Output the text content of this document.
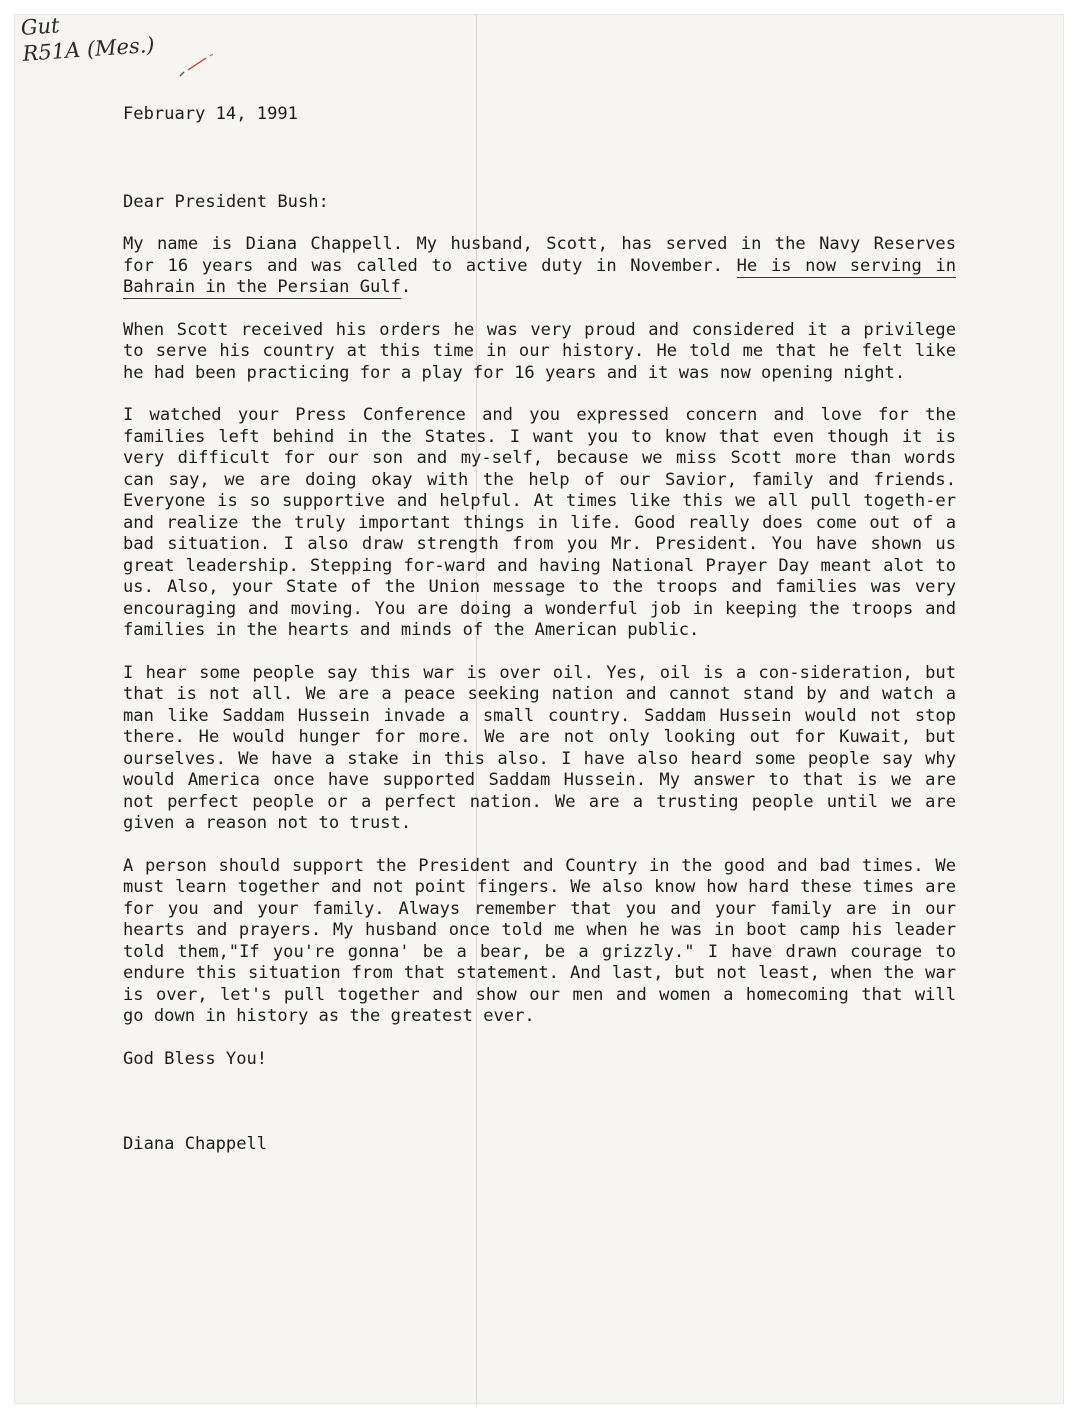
Gut
R51A (Mes.)

February 14, 1991

Dear President Bush:

My name is Diana Chappell. My husband, Scott, has served in the Navy Reserves for 16 years and was called to active duty in November. He is now serving in Bahrain in the Persian Gulf.

When Scott received his orders he was very proud and considered it a privilege to serve his country at this time in our history. He told me that he felt like he had been practicing for a play for 16 years and it was now opening night.

I watched your Press Conference and you expressed concern and love for the families left behind in the States. I want you to know that even though it is very difficult for our son and my-self, because we miss Scott more than words can say, we are doing okay with the help of our Savior, family and friends. Everyone is so supportive and helpful. At times like this we all pull togeth-er and realize the truly important things in life. Good really does come out of a bad situation. I also draw strength from you Mr. President. You have shown us great leadership. Stepping for-ward and having National Prayer Day meant alot to us. Also, your State of the Union message to the troops and families was very encouraging and moving. You are doing a wonderful job in keeping the troops and families in the hearts and minds of the American public.

I hear some people say this war is over oil. Yes, oil is a con-sideration, but that is not all. We are a peace seeking nation and cannot stand by and watch a man like Saddam Hussein invade a small country. Saddam Hussein would not stop there. He would hunger for more. We are not only looking out for Kuwait, but ourselves. We have a stake in this also. I have also heard some people say why would America once have supported Saddam Hussein. My answer to that is we are not perfect people or a perfect nation. We are a trusting people until we are given a reason not to trust.

A person should support the President and Country in the good and bad times. We must learn together and not point fingers. We also know how hard these times are for you and your family. Always remember that you and your family are in our hearts and prayers. My husband once told me when he was in boot camp his leader told them,"If you're gonna' be a bear, be a grizzly." I have drawn courage to endure this situation from that statement. And last, but not least, when the war is over, let's pull together and show our men and women a homecoming that will go down in history as the greatest ever.

God Bless You!

Diana Chappell
